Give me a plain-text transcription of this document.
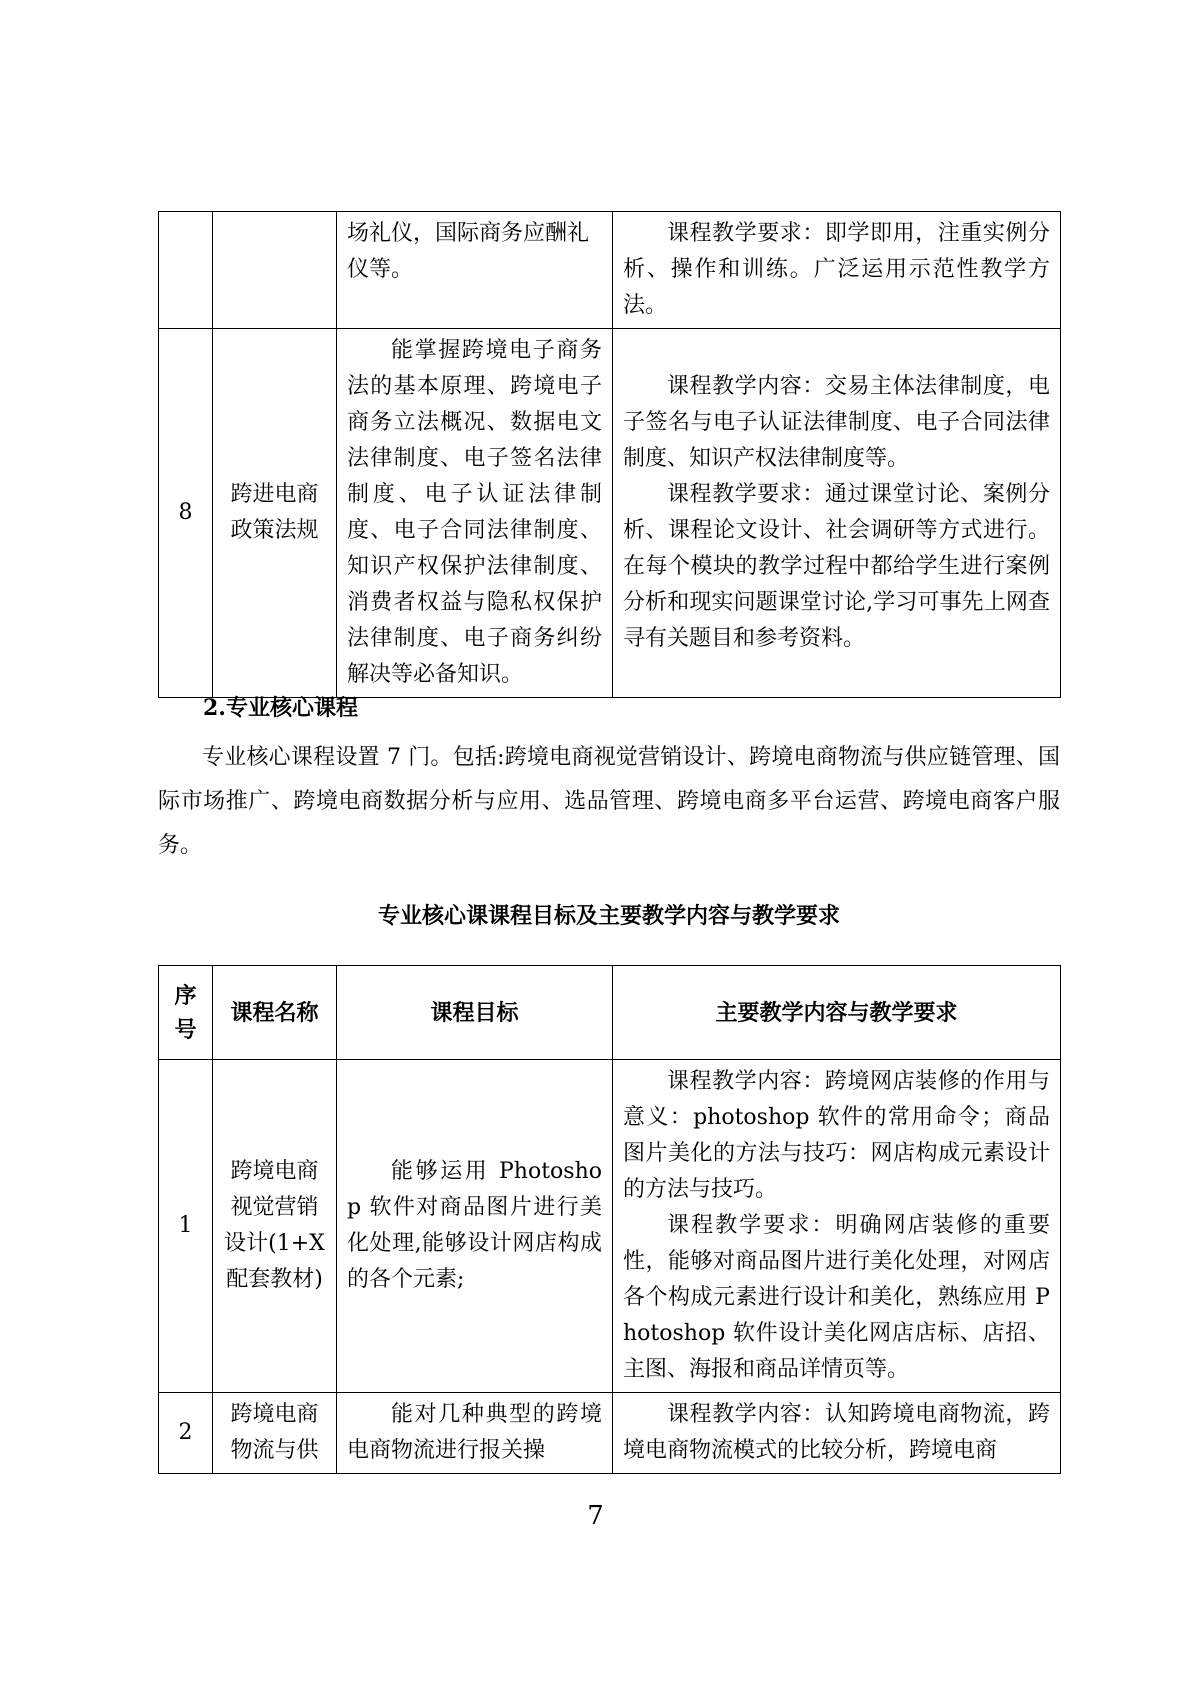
		场礼仪，国际商务应酬礼仪等。	课程教学要求：即学即用，注重实例分析、操作和训练。广泛运用示范性教学方法。

8	跨进电商政策法规	能掌握跨境电子商务法的基本原理、跨境电子商务立法概况、数据电文法律制度、电子签名法律制度、电子认证法律制度、电子合同法律制度、知识产权保护法律制度、消费者权益与隐私权保护法律制度、电子商务纠纷解决等必备知识。	课程教学内容：交易主体法律制度，电子签名与电子认证法律制度、电子合同法律制度、知识产权法律制度等。

课程教学要求：通过课堂讨论、案例分析、课程论文设计、社会调研等方式进行。在每个模块的教学过程中都给学生进行案例分析和现实问题课堂讨论,学习可事先上网查寻有关题目和参考资料。

2.专业核心课程

专业核心课程设置 7 门。包括:跨境电商视觉营销设计、跨境电商物流与供应链管理、国际市场推广、跨境电商数据分析与应用、选品管理、跨境电商多平台运营、跨境电商客户服务。

专业核心课课程目标及主要教学内容与教学要求
序号	课程名称	课程目标	主要教学内容与教学要求
1	跨境电商视觉营销设计(1+X配套教材)	能够运用 Photoshop 软件对商品图片进行美化处理,能够设计网店构成的各个元素;	课程教学内容：跨境网店装修的作用与意义：photoshop 软件的常用命令；商品图片美化的方法与技巧：网店构成元素设计的方法与技巧。

课程教学要求：明确网店装修的重要性，能够对商品图片进行美化处理，对网店各个构成元素进行设计和美化，熟练应用 Photoshop 软件设计美化网店店标、店招、主图、海报和商品详情页等。

2	跨境电商物流与供	能对几种典型的跨境电商物流进行报关操	课程教学内容：认知跨境电商物流，跨境电商物流模式的比较分析，跨境电商

7
